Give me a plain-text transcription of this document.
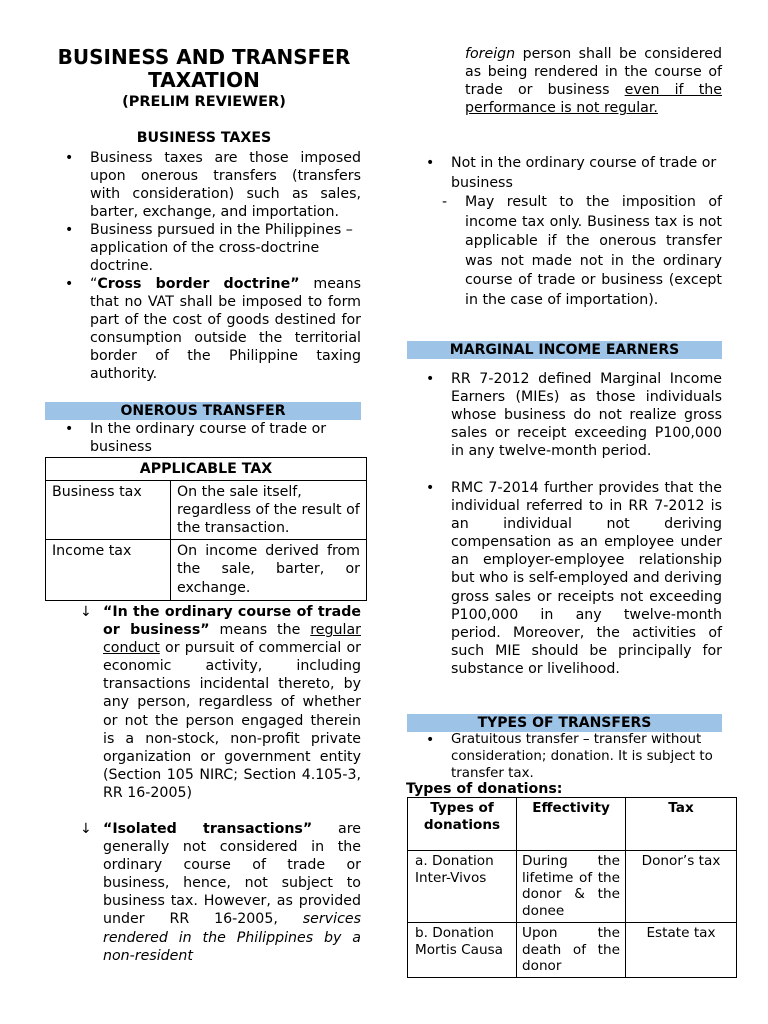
BUSINESS AND TRANSFER
TAXATION
(PRELIM REVIEWER)
BUSINESS TAXES
• Business taxes are those imposed upon onerous transfers (transfers with consideration) such as sales, barter, exchange, and importation.
• Business pursued in the Philippines – application of the cross-doctrine doctrine.
• “Cross border doctrine” means that no VAT shall be imposed to form part of the cost of goods destined for consumption outside the territorial border of the Philippine taxing authority.
ONEROUS TRANSFER
• In the ordinary course of trade or business
APPLICABLE TAX	
Business tax	On the sale itself, regardless of the result of the transaction.
Income tax	On income derived from the sale, barter, or exchange.
↓ “In the ordinary course of trade or business” means the regular conduct or pursuit of commercial or economic activity, including transactions incidental thereto, by any person, regardless of whether or not the person engaged therein is a non-stock, non-profit private organization or government entity (Section 105 NIRC; Section 4.105-3, RR 16-2005)
↓ “Isolated transactions” are generally not considered in the ordinary course of trade or business, hence, not subject to business tax. However, as provided under RR 16-2005, services rendered in the Philippines by a non-resident
foreign person shall be considered as being rendered in the course of trade or business even if the performance is not regular.
• Not in the ordinary course of trade or business
- May result to the imposition of income tax only. Business tax is not applicable if the onerous transfer was not made not in the ordinary course of trade or business (except in the case of importation).
MARGINAL INCOME EARNERS
• RR 7-2012 defined Marginal Income Earners (MIEs) as those individuals whose business do not realize gross sales or receipt exceeding P100,000 in any twelve-month period.
• RMC 7-2014 further provides that the individual referred to in RR 7-2012 is an individual not deriving compensation as an employee under an employer-employee relationship but who is self-employed and deriving gross sales or receipts not exceeding P100,000 in any twelve-month period. Moreover, the activities of such MIE should be principally for substance or livelihood.
TYPES OF TRANSFERS
• Gratuitous transfer – transfer without consideration; donation. It is subject to transfer tax.
Types of donations:
Types of donations	Effectivity	Tax
a. Donation Inter-Vivos	During the lifetime of the donor & the donee	Donor’s tax
b. Donation Mortis Causa	Upon the death of the donor	Estate tax
